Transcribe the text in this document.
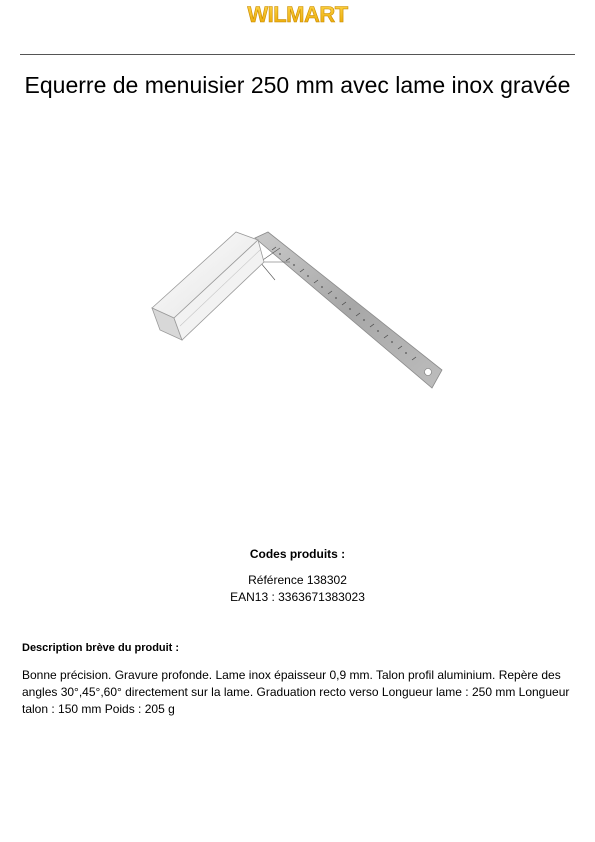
WILMART
Equerre de menuisier 250 mm avec lame inox gravée
Codes produits :
Référence 138302
EAN13 : 3363671383023
Description brève du produit :

Bonne précision. Gravure profonde. Lame inox épaisseur 0,9 mm. Talon profil aluminium. Repère des angles 30°,45°,60° directement sur la lame. Graduation recto verso Longueur lame : 250 mm Longueur talon : 150 mm Poids : 205 g
